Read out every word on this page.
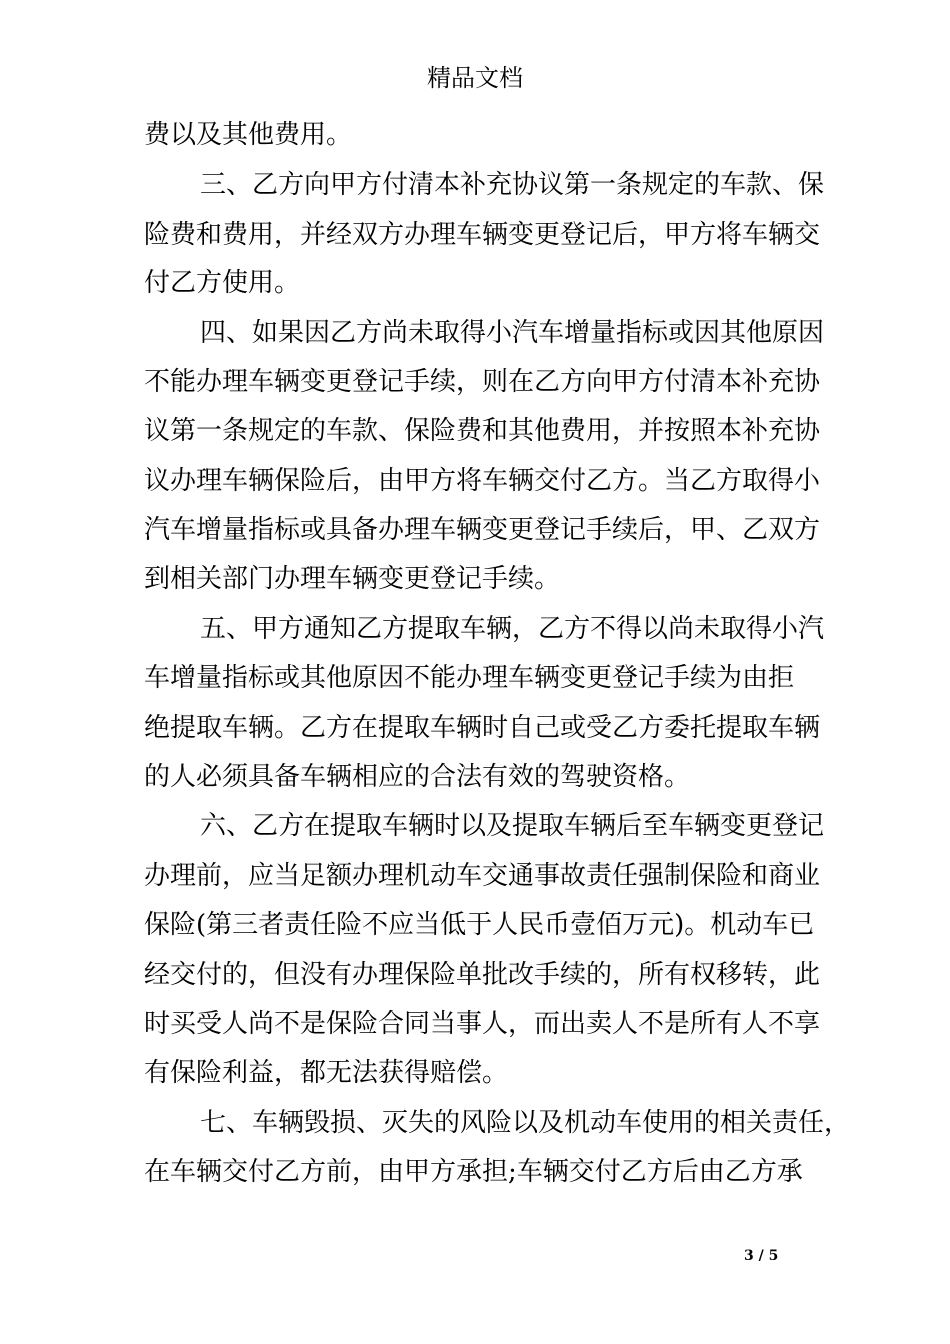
精品文档
费以及其他费用。
三、乙方向甲方付清本补充协议第一条规定的车款、保
险费和费用，并经双方办理车辆变更登记后，甲方将车辆交
付乙方使用。
四、如果因乙方尚未取得小汽车增量指标或因其他原因
不能办理车辆变更登记手续，则在乙方向甲方付清本补充协
议第一条规定的车款、保险费和其他费用，并按照本补充协
议办理车辆保险后，由甲方将车辆交付乙方。当乙方取得小
汽车增量指标或具备办理车辆变更登记手续后，甲、乙双方
到相关部门办理车辆变更登记手续。
五、甲方通知乙方提取车辆，乙方不得以尚未取得小汽
车增量指标或其他原因不能办理车辆变更登记手续为由拒
绝提取车辆。乙方在提取车辆时自己或受乙方委托提取车辆
的人必须具备车辆相应的合法有效的驾驶资格。
六、乙方在提取车辆时以及提取车辆后至车辆变更登记
办理前，应当足额办理机动车交通事故责任强制保险和商业
保险(第三者责任险不应当低于人民币壹佰万元)。机动车已
经交付的，但没有办理保险单批改手续的，所有权移转，此
时买受人尚不是保险合同当事人，而出卖人不是所有人不享
有保险利益，都无法获得赔偿。
七、车辆毁损、灭失的风险以及机动车使用的相关责任，
在车辆交付乙方前，由甲方承担;车辆交付乙方后由乙方承
3 / 5
